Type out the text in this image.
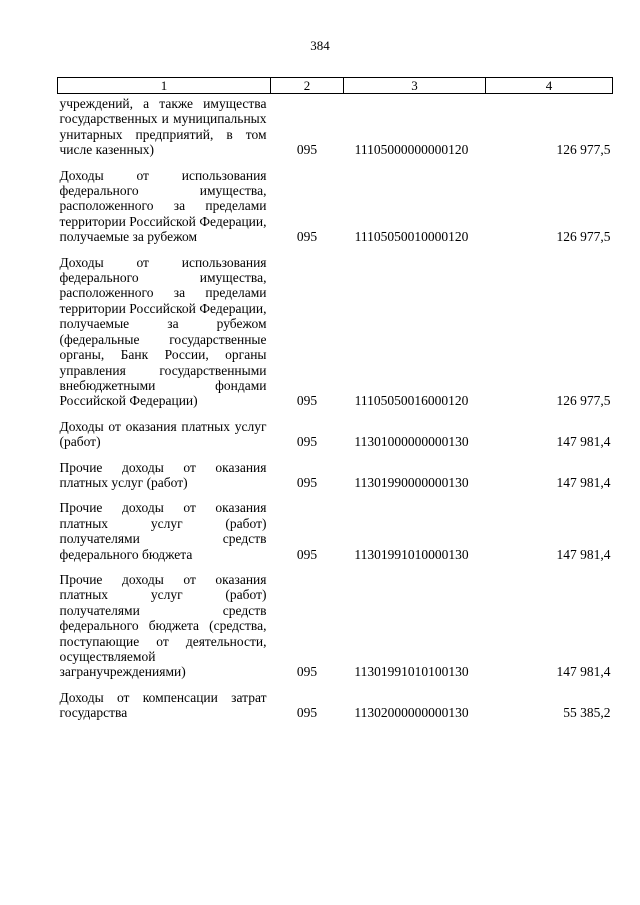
384
1	2	3	4
учреждений, а также имущества государственных и муниципальных унитарных предприятий, в том числе казенных)	095	11105000000000120	126 977,5
Доходы от использования федерального имущества, расположенного за пределами территории Российской Федерации, получаемые за рубежом	095	11105050010000120	126 977,5
Доходы от использования федерального имущества, расположенного за пределами территории Российской Федерации, получаемые за рубежом (федеральные государственные органы, Банк России, органы управления государственными внебюджетными фондами Российской Федерации)	095	11105050016000120	126 977,5
Доходы от оказания платных услуг (работ)	095	11301000000000130	147 981,4
Прочие доходы от оказания платных услуг (работ)	095	11301990000000130	147 981,4
Прочие доходы от оказания платных услуг (работ) получателями средств федерального бюджета	095	11301991010000130	147 981,4
Прочие доходы от оказания платных услуг (работ) получателями средств федерального бюджета (средства, поступающие от деятельности, осуществляемой загранучреждениями)	095	11301991010100130	147 981,4
Доходы от компенсации затрат государства	095	11302000000000130	55 385,2
